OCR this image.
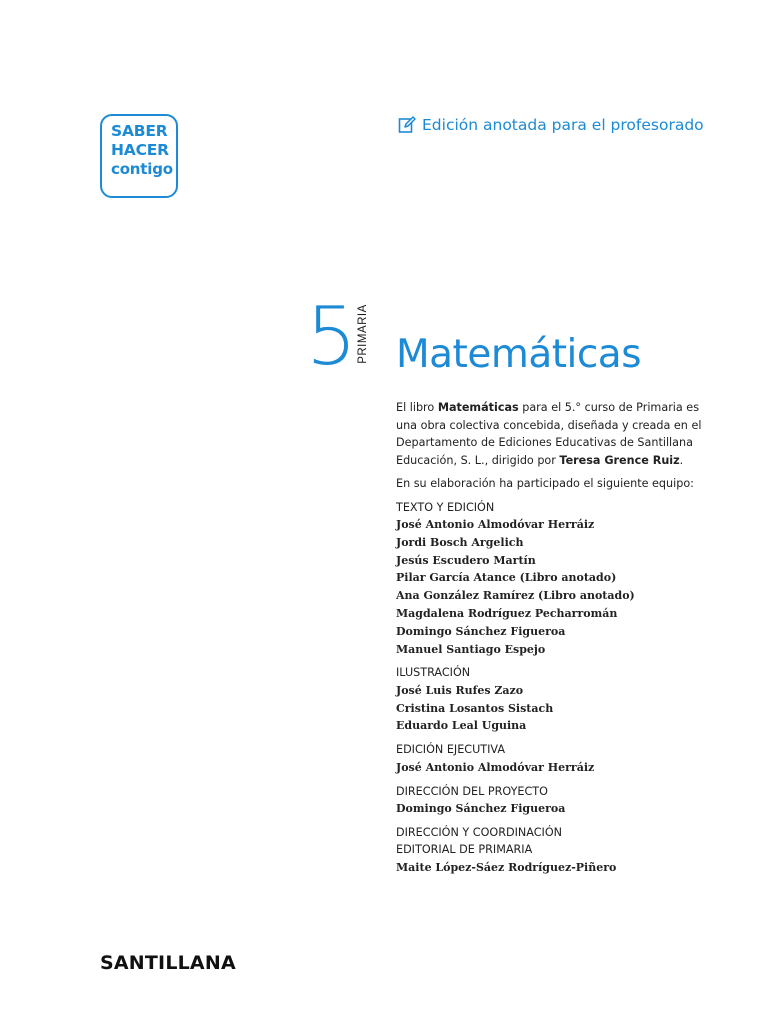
SABER
HACER
contigo
Edición anotada para el profesorado
5 PRIMARIA Matemáticas

El libro Matemáticas para el 5.° curso de Primaria es una obra colectiva concebida, diseñada y creada en el Departamento de Ediciones Educativas de Santillana Educación, S. L., dirigido por Teresa Grence Ruiz.

En su elaboración ha participado el siguiente equipo:

TEXTO Y EDICIÓN
José Antonio Almodóvar Herráiz
Jordi Bosch Argelich
Jesús Escudero Martín
Pilar García Atance (Libro anotado)
Ana González Ramírez (Libro anotado)
Magdalena Rodríguez Pecharromán
Domingo Sánchez Figueroa
Manuel Santiago Espejo
ILUSTRACIÓN
José Luis Rufes Zazo
Cristina Losantos Sistach
Eduardo Leal Uguina
EDICIÓN EJECUTIVA
José Antonio Almodóvar Herráiz
DIRECCIÓN DEL PROYECTO
Domingo Sánchez Figueroa
DIRECCIÓN Y COORDINACIÓN
EDITORIAL DE PRIMARIA
Maite López-Sáez Rodríguez-Piñero
SANTILLANA
